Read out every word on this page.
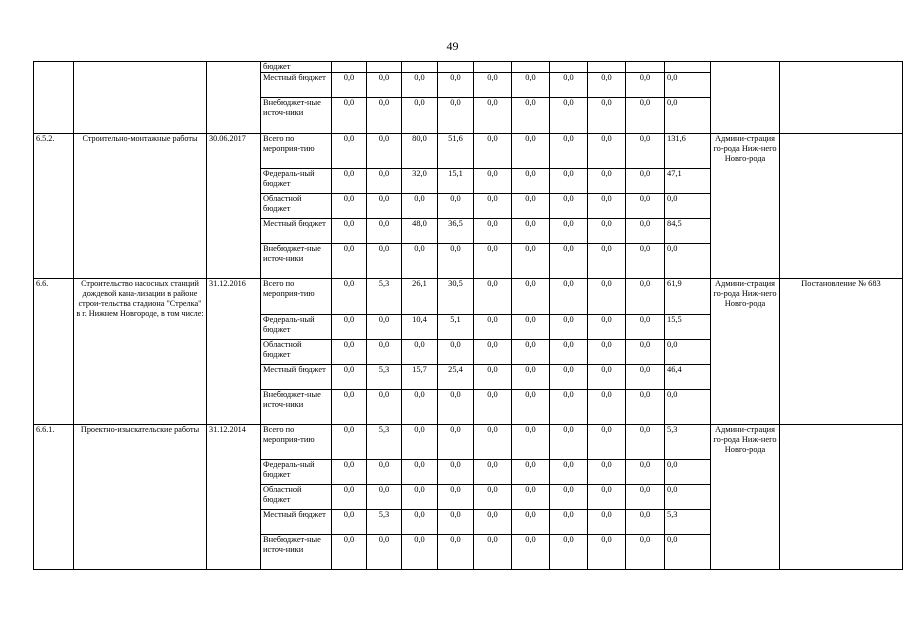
49
			бюджет												
			Местный бюджет	0,0	0,0	0,0	0,0	0,0	0,0	0,0	0,0	0,0	0,0		
			Внебюджет-ные источ-ники	0,0	0,0	0,0	0,0	0,0	0,0	0,0	0,0	0,0	0,0		
6.5.2.	Строительно-монтажные работы	30.06.2017	Всего по мероприя-тию	0,0	0,0	80,0	51,6	0,0	0,0	0,0	0,0	0,0	131,6	Админи-страция го-рода Ниж-него Новго-рода	
			Федераль-ный бюджет	0,0	0,0	32,0	15,1	0,0	0,0	0,0	0,0	0,0	47,1		
			Областной бюджет	0,0	0,0	0,0	0,0	0,0	0,0	0,0	0,0	0,0	0,0		
			Местный бюджет	0,0	0,0	48,0	36,5	0,0	0,0	0,0	0,0	0,0	84,5		
			Внебюджет-ные источ-ники	0,0	0,0	0,0	0,0	0,0	0,0	0,0	0,0	0,0	0,0		
6.6.	Строительство насосных станций дождевой кана-лизации в районе строи-тельства стадиона "Стрелка" в г. Нижнем Новгороде, в том числе:	31.12.2016	Всего по мероприя-тию	0,0	5,3	26,1	30,5	0,0	0,0	0,0	0,0	0,0	61,9	Админи-страция го-рода Ниж-него Новго-рода	Постановление № 683
			Федераль-ный бюджет	0,0	0,0	10,4	5,1	0,0	0,0	0,0	0,0	0,0	15,5		
			Областной бюджет	0,0	0,0	0,0	0,0	0,0	0,0	0,0	0,0	0,0	0,0		
			Местный бюджет	0,0	5,3	15,7	25,4	0,0	0,0	0,0	0,0	0,0	46,4		
			Внебюджет-ные источ-ники	0,0	0,0	0,0	0,0	0,0	0,0	0,0	0,0	0,0	0,0		
6.6.1.	Проектно-изыскательские работы	31.12.2014	Всего по мероприя-тию	0,0	5,3	0,0	0,0	0,0	0,0	0,0	0,0	0,0	5,3	Админи-страция го-рода Ниж-него Новго-рода	
			Федераль-ный бюджет	0,0	0,0	0,0	0,0	0,0	0,0	0,0	0,0	0,0	0,0		
			Областной бюджет	0,0	0,0	0,0	0,0	0,0	0,0	0,0	0,0	0,0	0,0		
			Местный бюджет	0,0	5,3	0,0	0,0	0,0	0,0	0,0	0,0	0,0	5,3		
			Внебюджет-ные источ-ники	0,0	0,0	0,0	0,0	0,0	0,0	0,0	0,0	0,0	0,0		
